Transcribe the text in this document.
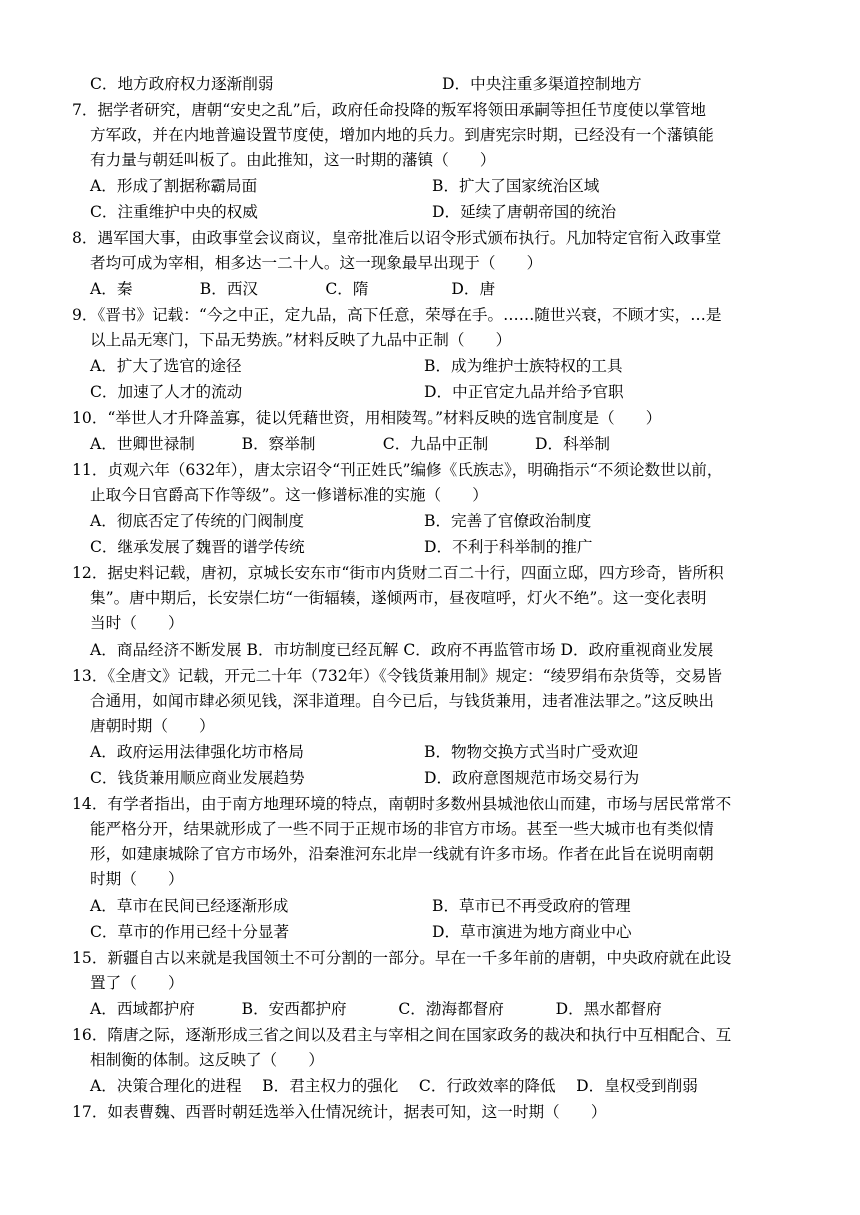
C．地方政府权力逐渐削弱	D．中央注重多渠道控制地方
7．据学者研究，唐朝“安史之乱”后，政府任命投降的叛军将领田承嗣等担任节度使以掌管地
方军政，并在内地普遍设置节度使，增加内地的兵力。到唐宪宗时期，已经没有一个藩镇能
有力量与朝廷叫板了。由此推知，这一时期的藩镇（　　）
A．形成了割据称霸局面	B．扩大了国家统治区域
C．注重维护中央的权威	D．延续了唐朝帝国的统治
8．遇军国大事，由政事堂会议商议，皇帝批准后以诏令形式颁布执行。凡加特定官衔入政事堂
者均可成为宰相，相多达一二十人。这一现象最早出现于（　　）
A．秦　　　　 B．西汉　　　　 C．隋　　　　　 D．唐
9．《晋书》记载：“今之中正，定九品，高下任意，荣辱在手。……随世兴衰，不顾才实，…是
以上品无寒门，下品无势族。”材料反映了九品中正制（　　）
A．扩大了选官的途径	B．成为维护士族特权的工具
C．加速了人才的流动	D．中正官定九品并给予官职
10．“举世人才升降盖寡，徒以凭藉世资，用相陵驾。”材料反映的选官制度是（　　）
A．世卿世禄制　　　B．察举制　　　　 C．九品中正制　　　D．科举制
11．贞观六年（632年），唐太宗诏令“刊正姓氏”编修《氏族志》，明确指示“不须论数世以前，
止取今日官爵高下作等级”。这一修谱标准的实施（　　）
A．彻底否定了传统的门阀制度	B．完善了官僚政治制度
C．继承发展了魏晋的谱学传统	D．不利于科举制的推广
12．据史料记载，唐初，京城长安东市“街市内货财二百二十行，四面立邸，四方珍奇，皆所积
集”。唐中期后，长安崇仁坊“一街辐辏，遂倾两市，昼夜喧呼，灯火不绝”。这一变化表明
当时（　　）
A．商品经济不断发展 B．市坊制度已经瓦解 C．政府不再监管市场 D．政府重视商业发展
13．《全唐文》记载，开元二十年（732年）《令钱货兼用制》规定：“绫罗绢布杂货等，交易皆
合通用，如闻市肆必须见钱，深非道理。自今已后，与钱货兼用，违者准法罪之。”这反映出
唐朝时期（　　）
A．政府运用法律强化坊市格局	B．物物交换方式当时广受欢迎
C．钱货兼用顺应商业发展趋势	D．政府意图规范市场交易行为
14．有学者指出，由于南方地理环境的特点，南朝时多数州县城池依山而建，市场与居民常常不
能严格分开，结果就形成了一些不同于正规市场的非官方市场。甚至一些大城市也有类似情
形，如建康城除了官方市场外，沿秦淮河东北岸一线就有许多市场。作者在此旨在说明南朝
时期（　　）
A．草市在民间已经逐渐形成	B．草市已不再受政府的管理
C．草市的作用已经十分显著	D．草市演进为地方商业中心
15．新疆自古以来就是我国领土不可分割的一部分。早在一千多年前的唐朝，中央政府就在此设
置了（　　）
A．西域都护府　　　B．安西都护府　　　 C．渤海都督府　　　 D．黑水都督府
16．隋唐之际，逐渐形成三省之间以及君主与宰相之间在国家政务的裁决和执行中互相配合、互
相制衡的体制。这反映了（　　）
A．决策合理化的进程　 B．君主权力的强化　 C．行政效率的降低　 D．皇权受到削弱
17．如表曹魏、西晋时朝廷选举入仕情况统计，据表可知，这一时期（　　）
